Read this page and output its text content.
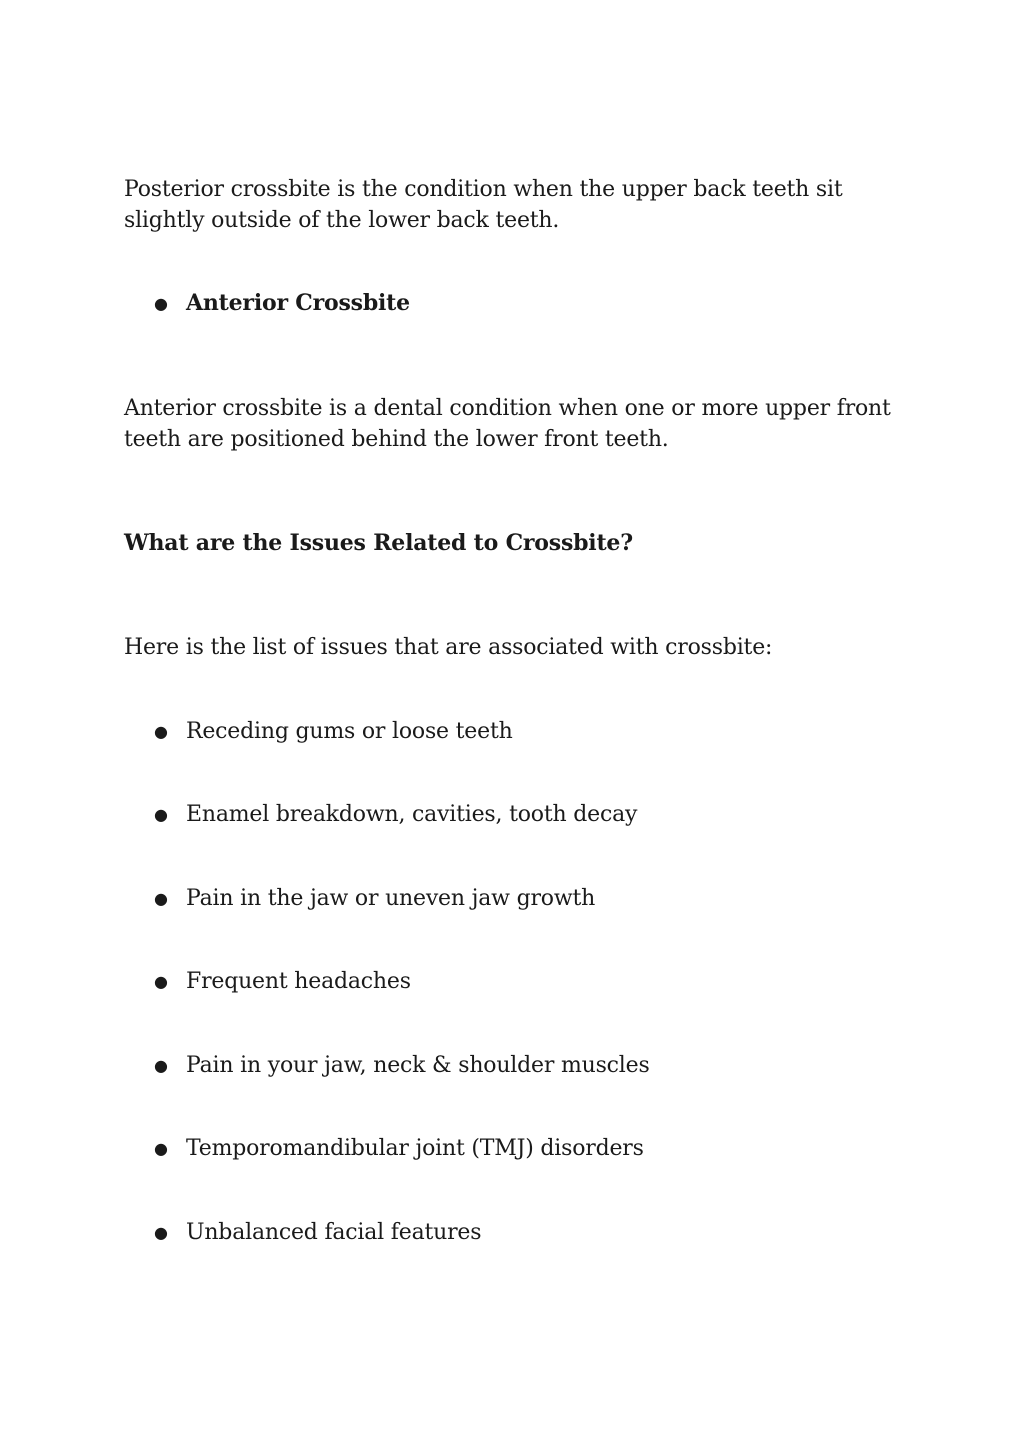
Posterior crossbite is the condition when the upper back teeth sit slightly outside of the lower back teeth.

● Anterior Crossbite

Anterior crossbite is a dental condition when one or more upper front teeth are positioned behind the lower front teeth.

What are the Issues Related to Crossbite?

Here is the list of issues that are associated with crossbite:

● Receding gums or loose teeth
● Enamel breakdown, cavities, tooth decay
● Pain in the jaw or uneven jaw growth
● Frequent headaches
● Pain in your jaw, neck & shoulder muscles
● Temporomandibular joint (TMJ) disorders
● Unbalanced facial features
